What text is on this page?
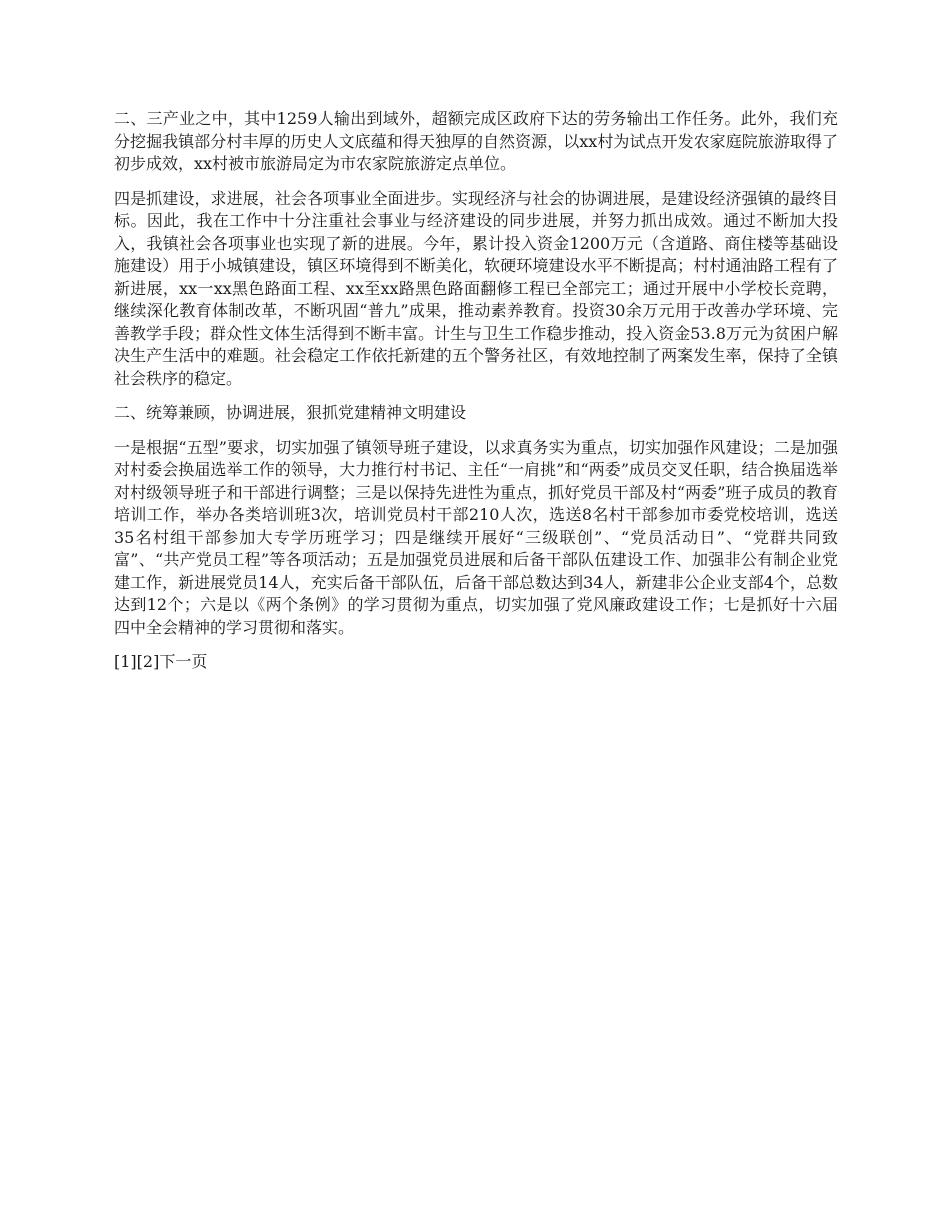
二、三产业之中，其中1259人输出到域外，超额完成区政府下达的劳务输出工作任务。此外，我们充分挖掘我镇部分村丰厚的历史人文底蕴和得天独厚的自然资源，以xx村为试点开发农家庭院旅游取得了初步成效，xx村被市旅游局定为市农家院旅游定点单位。

四是抓建设，求进展，社会各项事业全面进步。实现经济与社会的协调进展，是建设经济强镇的最终目标。因此，我在工作中十分注重社会事业与经济建设的同步进展，并努力抓出成效。通过不断加大投入，我镇社会各项事业也实现了新的进展。今年，累计投入资金1200万元（含道路、商住楼等基础设施建设）用于小城镇建设，镇区环境得到不断美化，软硬环境建设水平不断提高；村村通油路工程有了新进展，xx一xx黑色路面工程、xx至xx路黑色路面翻修工程已全部完工；通过开展中小学校长竞聘，继续深化教育体制改革，不断巩固“普九”成果，推动素养教育。投资30余万元用于改善办学环境、完善教学手段；群众性文体生活得到不断丰富。计生与卫生工作稳步推动，投入资金53.8万元为贫困户解决生产生活中的难题。社会稳定工作依托新建的五个警务社区，有效地控制了两案发生率，保持了全镇社会秩序的稳定。

二、统筹兼顾，协调进展，狠抓党建精神文明建设

一是根据“五型”要求，切实加强了镇领导班子建设，以求真务实为重点，切实加强作风建设；二是加强对村委会换届选举工作的领导，大力推行村书记、主任“一肩挑”和“两委”成员交叉任职，结合换届选举对村级领导班子和干部进行调整；三是以保持先进性为重点，抓好党员干部及村“两委”班子成员的教育培训工作，举办各类培训班3次，培训党员村干部210人次，选送8名村干部参加市委党校培训，选送35名村组干部参加大专学历班学习；四是继续开展好“三级联创”、“党员活动日”、“党群共同致富”、“共产党员工程”等各项活动；五是加强党员进展和后备干部队伍建设工作、加强非公有制企业党建工作，新进展党员14人，充实后备干部队伍，后备干部总数达到34人，新建非公企业支部4个，总数达到12个；六是以《两个条例》的学习贯彻为重点，切实加强了党风廉政建设工作；七是抓好十六届四中全会精神的学习贯彻和落实。

[1][2]下一页
